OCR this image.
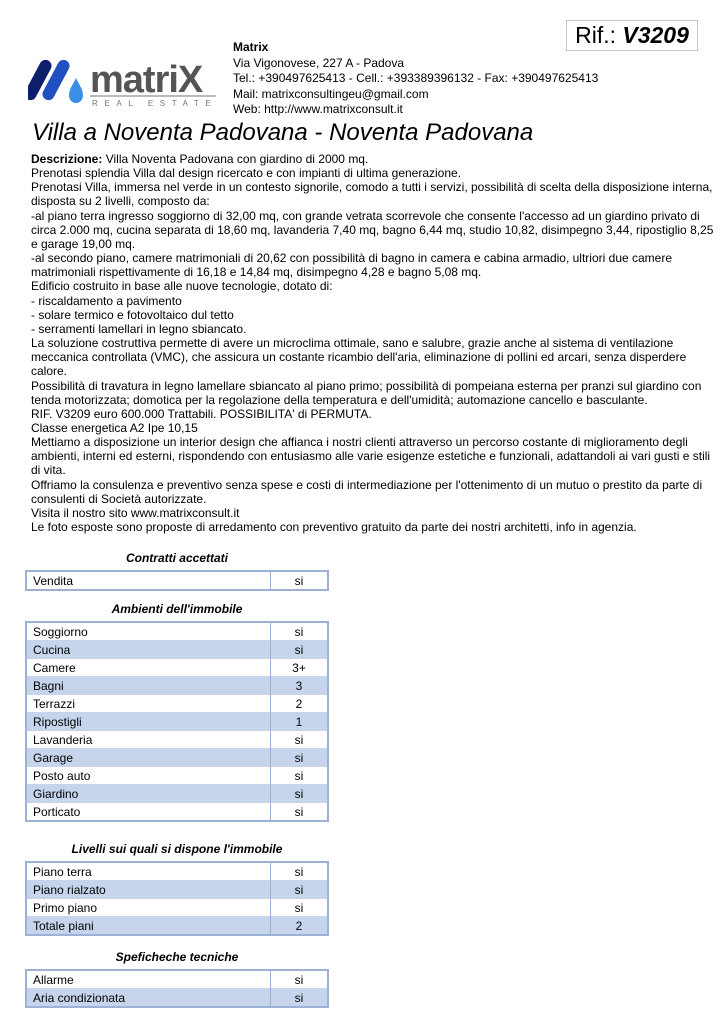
matriX
REAL ESTATE
Matrix
Via Vigonovese, 227 A - Padova
Tel.: +390497625413 - Cell.: +393389396132 - Fax: +390497625413
Mail: matrixconsultingeu@gmail.com
Web: http://www.matrixconsult.it
Rif.: V3209
Villa a Noventa Padovana - Noventa Padovana

Descrizione: Villa Noventa Padovana con giardino di 2000 mq.

Prenotasi splendia Villa dal design ricercato e con impianti di ultima generazione.

Prenotasi Villa, immersa nel verde in un contesto signorile, comodo a tutti i servizi, possibilità di scelta della disposizione interna, disposta su 2 livelli, composto da:

-al piano terra ingresso soggiorno di 32,00 mq, con grande vetrata scorrevole che consente l'accesso ad un giardino privato di circa 2.000 mq, cucina separata di 18,60 mq, lavanderia 7,40 mq, bagno 6,44 mq, studio 10,82, disimpegno 3,44, ripostiglio 8,25 e garage 19,00 mq.

-al secondo piano, camere matrimoniali di 20,62 con possibilità di bagno in camera e cabina armadio, ultriori due camere matrimoniali rispettivamente di 16,18 e 14,84 mq, disimpegno 4,28 e bagno 5,08 mq.

Edificio costruito in base alle nuove tecnologie, dotato di:

- riscaldamento a pavimento

- solare termico e fotovoltaico dul tetto

- serramenti lamellari in legno sbiancato.

La soluzione costruttiva permette di avere un microclima ottimale, sano e salubre, grazie anche al sistema di ventilazione meccanica controllata (VMC), che assicura un costante ricambio dell'aria, eliminazione di pollini ed arcari, senza disperdere calore.

Possibilità di travatura in legno lamellare sbiancato al piano primo; possibilità di pompeiana esterna per pranzi sul giardino con tenda motorizzata; domotica per la regolazione della temperatura e dell'umidità; automazione cancello e basculante.

RIF. V3209 euro 600.000 Trattabili. POSSIBILITA' di PERMUTA.

Classe energetica A2 Ipe 10,15

Mettiamo a disposizione un interior design che affianca i nostri clienti attraverso un percorso costante di miglioramento degli ambienti, interni ed esterni, rispondendo con entusiasmo alle varie esigenze estetiche e funzionali, adattandoli ai vari gusti e stili di vita.

Offriamo la consulenza e preventivo senza spese e costi di intermediazione per l'ottenimento di un mutuo o prestito da parte di consulenti di Società autorizzate.

Visita il nostro sito www.matrixconsult.it

Le foto esposte sono proposte di arredamento con preventivo gratuito da parte dei nostri architetti, info in agenzia.

Contratti accettati
Vendita	si
Ambienti dell'immobile
Soggiorno	si
Cucina	si
Camere	3+
Bagni	3
Terrazzi	2
Ripostigli	1
Lavanderia	si
Garage	si
Posto auto	si
Giardino	si
Porticato	si
Livelli sui quali si dispone l'immobile
Piano terra	si
Piano rialzato	si
Primo piano	si
Totale piani	2
Speficheche tecniche
Allarme	si
Aria condizionata	si
